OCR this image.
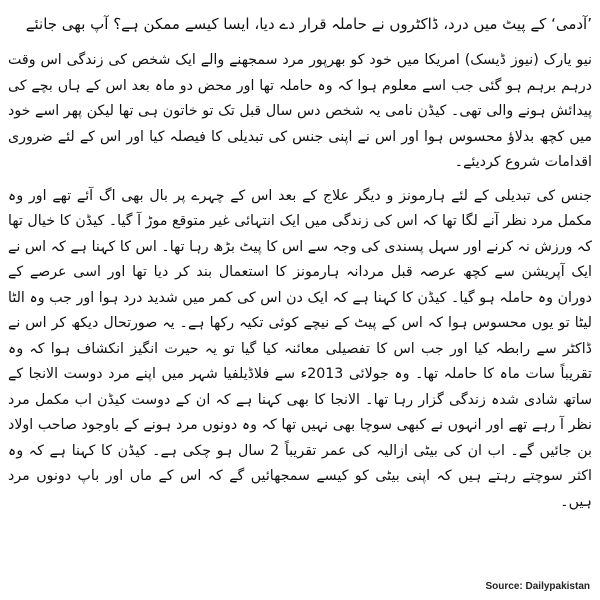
’آدمی‘ کے پیٹ میں درد، ڈاکٹروں نے حاملہ قرار دے دیا، ایسا کیسے ممکن ہے؟ آپ بھی جانئے

نیو یارک (نیوز ڈیسک) امریکا میں خود کو بھرپور مرد سمجھنے والے ایک شخص کی زندگی اس وقت درہم برہم ہو گئی جب اسے معلوم ہوا کہ وہ حاملہ تھا اور محض دو ماہ بعد اس کے ہاں بچے کی پیدائش ہونے والی تھی۔ کیڈن نامی یہ شخص دس سال قبل تک تو خاتون ہی تھا لیکن پھر اسے خود میں کچھ بدلاؤ محسوس ہوا اور اس نے اپنی جنس کی تبدیلی کا فیصلہ کیا اور اس کے لئے ضروری اقدامات شروع کردیئے۔

جنس کی تبدیلی کے لئے ہارمونز و دیگر علاج کے بعد اس کے چہرے پر بال بھی اگ آئے تھے اور وہ مکمل مرد نظر آنے لگا تھا کہ اس کی زندگی میں ایک انتہائی غیر متوقع موڑ آ گیا۔ کیڈن کا خیال تھا کہ ورزش نہ کرنے اور سہل پسندی کی وجہ سے اس کا پیٹ بڑھ رہا تھا۔ اس کا کہنا ہے کہ اس نے ایک آپریشن سے کچھ عرصہ قبل مردانہ ہارمونز کا استعمال بند کر دیا تھا اور اسی عرصے کے دوران وہ حاملہ ہو گیا۔ کیڈن کا کہنا ہے کہ ایک دن اس کی کمر میں شدید درد ہوا اور جب وہ الٹا لیٹا تو یوں محسوس ہوا کہ اس کے پیٹ کے نیچے کوئی تکیہ رکھا ہے۔ یہ صورتحال دیکھ کر اس نے ڈاکٹر سے رابطہ کیا اور جب اس کا تفصیلی معائنہ کیا گیا تو یہ حیرت انگیز انکشاف ہوا کہ وہ تقریباً سات ماہ کا حاملہ تھا۔ وہ جولائی 2013ء سے فلاڈیلفیا شہر میں اپنے مرد دوست الانجا کے ساتھ شادی شدہ زندگی گزار رہا تھا۔ الانجا کا بھی کہنا ہے کہ ان کے دوست کیڈن اب مکمل مرد نظر آ رہے تھے اور انہوں نے کبھی سوچا بھی نہیں تھا کہ وہ دونوں مرد ہونے کے باوجود صاحب اولاد بن جائیں گے۔ اب ان کی بیٹی ازالیہ کی عمر تقریباً 2 سال ہو چکی ہے۔ کیڈن کا کہنا ہے کہ وہ اکثر سوچتے رہتے ہیں کہ اپنی بیٹی کو کیسے سمجھائیں گے کہ اس کے ماں اور باپ دونوں مرد ہیں۔

Source: Dailypakistan
